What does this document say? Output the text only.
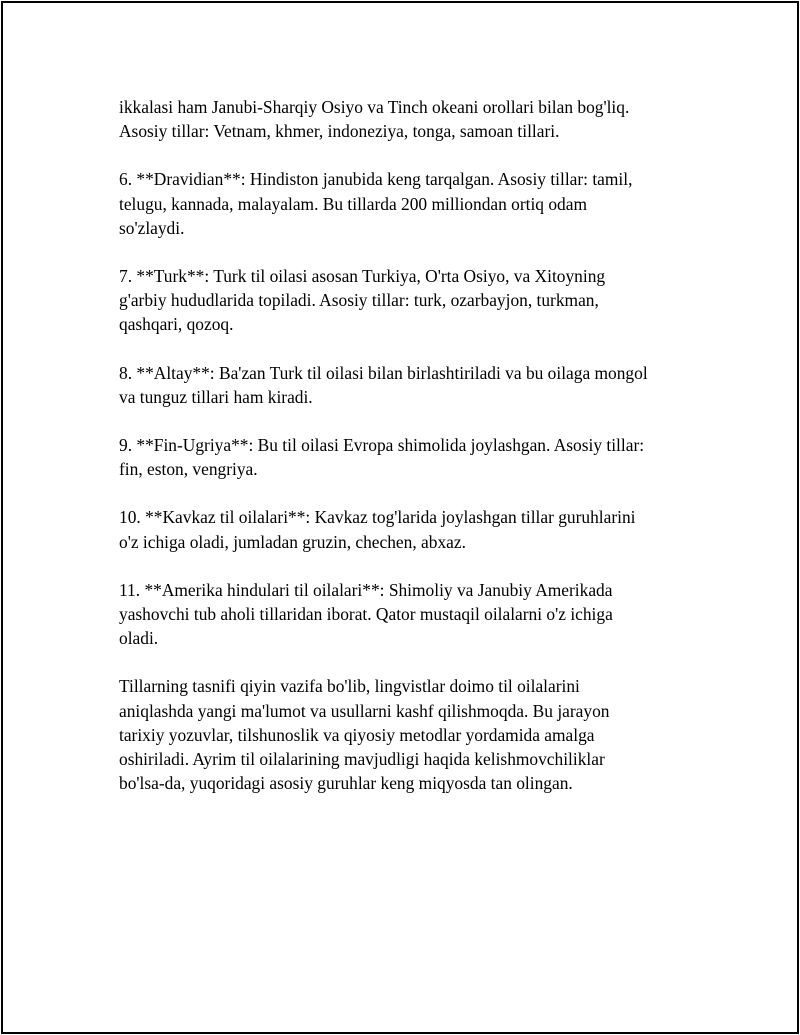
ikkalasi ham Janubi-Sharqiy Osiyo va Tinch okeani orollari bilan bog'liq.
Asosiy tillar: Vetnam, khmer, indoneziya, tonga, samoan tillari.

6. **Dravidian**: Hindiston janubida keng tarqalgan. Asosiy tillar: tamil,
telugu, kannada, malayalam. Bu tillarda 200 milliondan ortiq odam
so'zlaydi.

7. **Turk**: Turk til oilasi asosan Turkiya, O'rta Osiyo, va Xitoyning
g'arbiy hududlarida topiladi. Asosiy tillar: turk, ozarbayjon, turkman,
qashqari, qozoq.

8. **Altay**: Ba'zan Turk til oilasi bilan birlashtiriladi va bu oilaga mongol
va tunguz tillari ham kiradi.

9. **Fin-Ugriya**: Bu til oilasi Evropa shimolida joylashgan. Asosiy tillar:
fin, eston, vengriya.

10. **Kavkaz til oilalari**: Kavkaz tog'larida joylashgan tillar guruhlarini
o'z ichiga oladi, jumladan gruzin, chechen, abxaz.

11. **Amerika hindulari til oilalari**: Shimoliy va Janubiy Amerikada
yashovchi tub aholi tillaridan iborat. Qator mustaqil oilalarni o'z ichiga
oladi.

Tillarning tasnifi qiyin vazifa bo'lib, lingvistlar doimo til oilalarini
aniqlashda yangi ma'lumot va usullarni kashf qilishmoqda. Bu jarayon
tarixiy yozuvlar, tilshunoslik va qiyosiy metodlar yordamida amalga
oshiriladi. Ayrim til oilalarining mavjudligi haqida kelishmovchiliklar
bo'lsa-da, yuqoridagi asosiy guruhlar keng miqyosda tan olingan.
